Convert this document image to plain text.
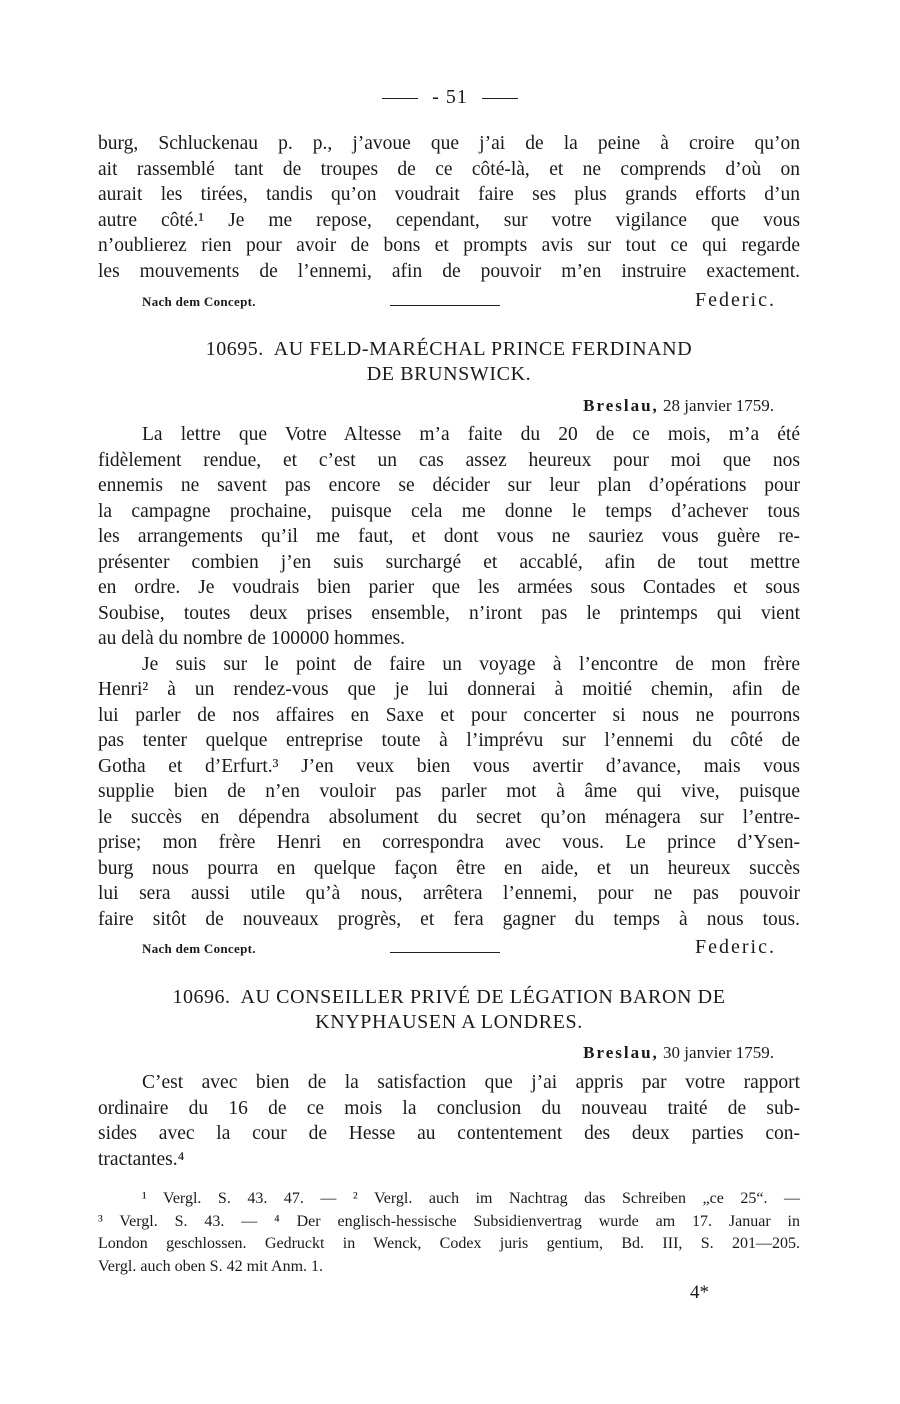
- 51
burg, Schluckenau p. p., j’avoue que j’ai de la peine à croire qu’on
ait rassemblé tant de troupes de ce côté-là, et ne comprends d’où on
aurait les tirées, tandis qu’on voudrait faire ses plus grands efforts d’un
autre côté.¹ Je me repose, cependant, sur votre vigilance que vous
n’oublierez rien pour avoir de bons et prompts avis sur tout ce qui regarde
les mouvements de l’ennemi, afin de pouvoir m’en instruire exactement.
Nach dem Concept.	Federic.
10695. AU FELD-MARÉCHAL PRINCE FERDINAND
DE BRUNSWICK.
Breslau, 28 janvier 1759.
La lettre que Votre Altesse m’a faite du 20 de ce mois, m’a été
fidèlement rendue, et c’est un cas assez heureux pour moi que nos
ennemis ne savent pas encore se décider sur leur plan d’opérations pour
la campagne prochaine, puisque cela me donne le temps d’achever tous
les arrangements qu’il me faut, et dont vous ne sauriez vous guère re-
présenter combien j’en suis surchargé et accablé, afin de tout mettre
en ordre. Je voudrais bien parier que les armées sous Contades et sous
Soubise, toutes deux prises ensemble, n’iront pas le printemps qui vient
au delà du nombre de 100000 hommes.
Je suis sur le point de faire un voyage à l’encontre de mon frère
Henri² à un rendez-vous que je lui donnerai à moitié chemin, afin de
lui parler de nos affaires en Saxe et pour concerter si nous ne pourrons
pas tenter quelque entreprise toute à l’imprévu sur l’ennemi du côté de
Gotha et d’Erfurt.³ J’en veux bien vous avertir d’avance, mais vous
supplie bien de n’en vouloir pas parler mot à âme qui vive, puisque
le succès en dépendra absolument du secret qu’on ménagera sur l’entre-
prise; mon frère Henri en correspondra avec vous. Le prince d’Ysen-
burg nous pourra en quelque façon être en aide, et un heureux succès
lui sera aussi utile qu’à nous, arrêtera l’ennemi, pour ne pas pouvoir
faire sitôt de nouveaux progrès, et fera gagner du temps à nous tous.
Nach dem Concept.	Federic.
10696. AU CONSEILLER PRIVÉ DE LÉGATION BARON DE
KNYPHAUSEN A LONDRES.
Breslau, 30 janvier 1759.
C’est avec bien de la satisfaction que j’ai appris par votre rapport
ordinaire du 16 de ce mois la conclusion du nouveau traité de sub-
sides avec la cour de Hesse au contentement des deux parties con-
tractantes.⁴
¹ Vergl. S. 43. 47. — ² Vergl. auch im Nachtrag das Schreiben „ce 25“. —
³ Vergl. S. 43. — ⁴ Der englisch-hessische Subsidienvertrag wurde am 17. Januar in
London geschlossen. Gedruckt in Wenck, Codex juris gentium, Bd. III, S. 201—205.
Vergl. auch oben S. 42 mit Anm. 1.
4*
